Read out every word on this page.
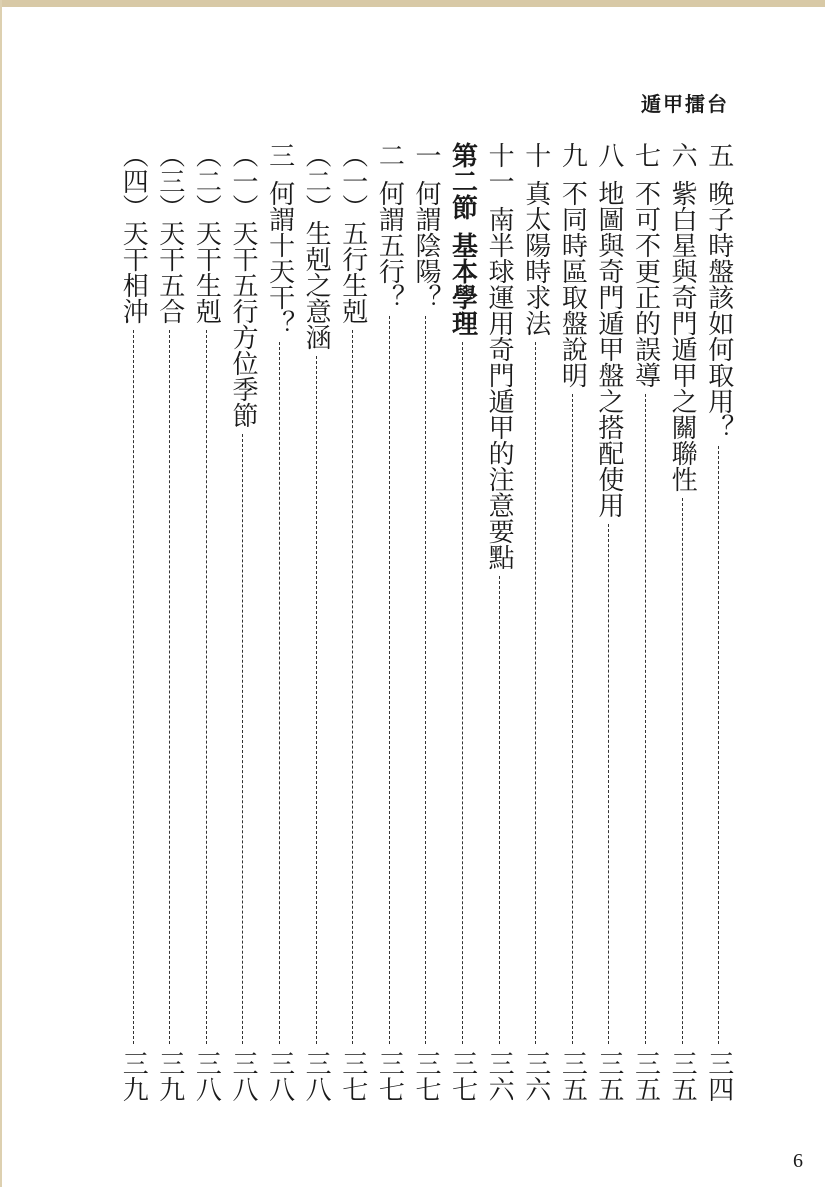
遁甲擂台
五晚子時盤該如何取用？
三四
六紫白星與奇門遁甲之關聯性
三五
七不可不更正的誤導
三五
八地圖與奇門遁甲盤之搭配使用
三五
九不同時區取盤說明
三五
十真太陽時求法
三六
十一南半球運用奇門遁甲的注意要點
三六
第二節基本學理
三七
一何謂陰陽？
三七
二何謂五行？
三七
（一）五行生剋
三七
（二）生剋之意涵
三八
三何謂十天干？
三八
（一）天干五行方位季節
三八
（二）天干生剋
三八
（三）天干五合
三九
（四）天干相沖
三九
6
